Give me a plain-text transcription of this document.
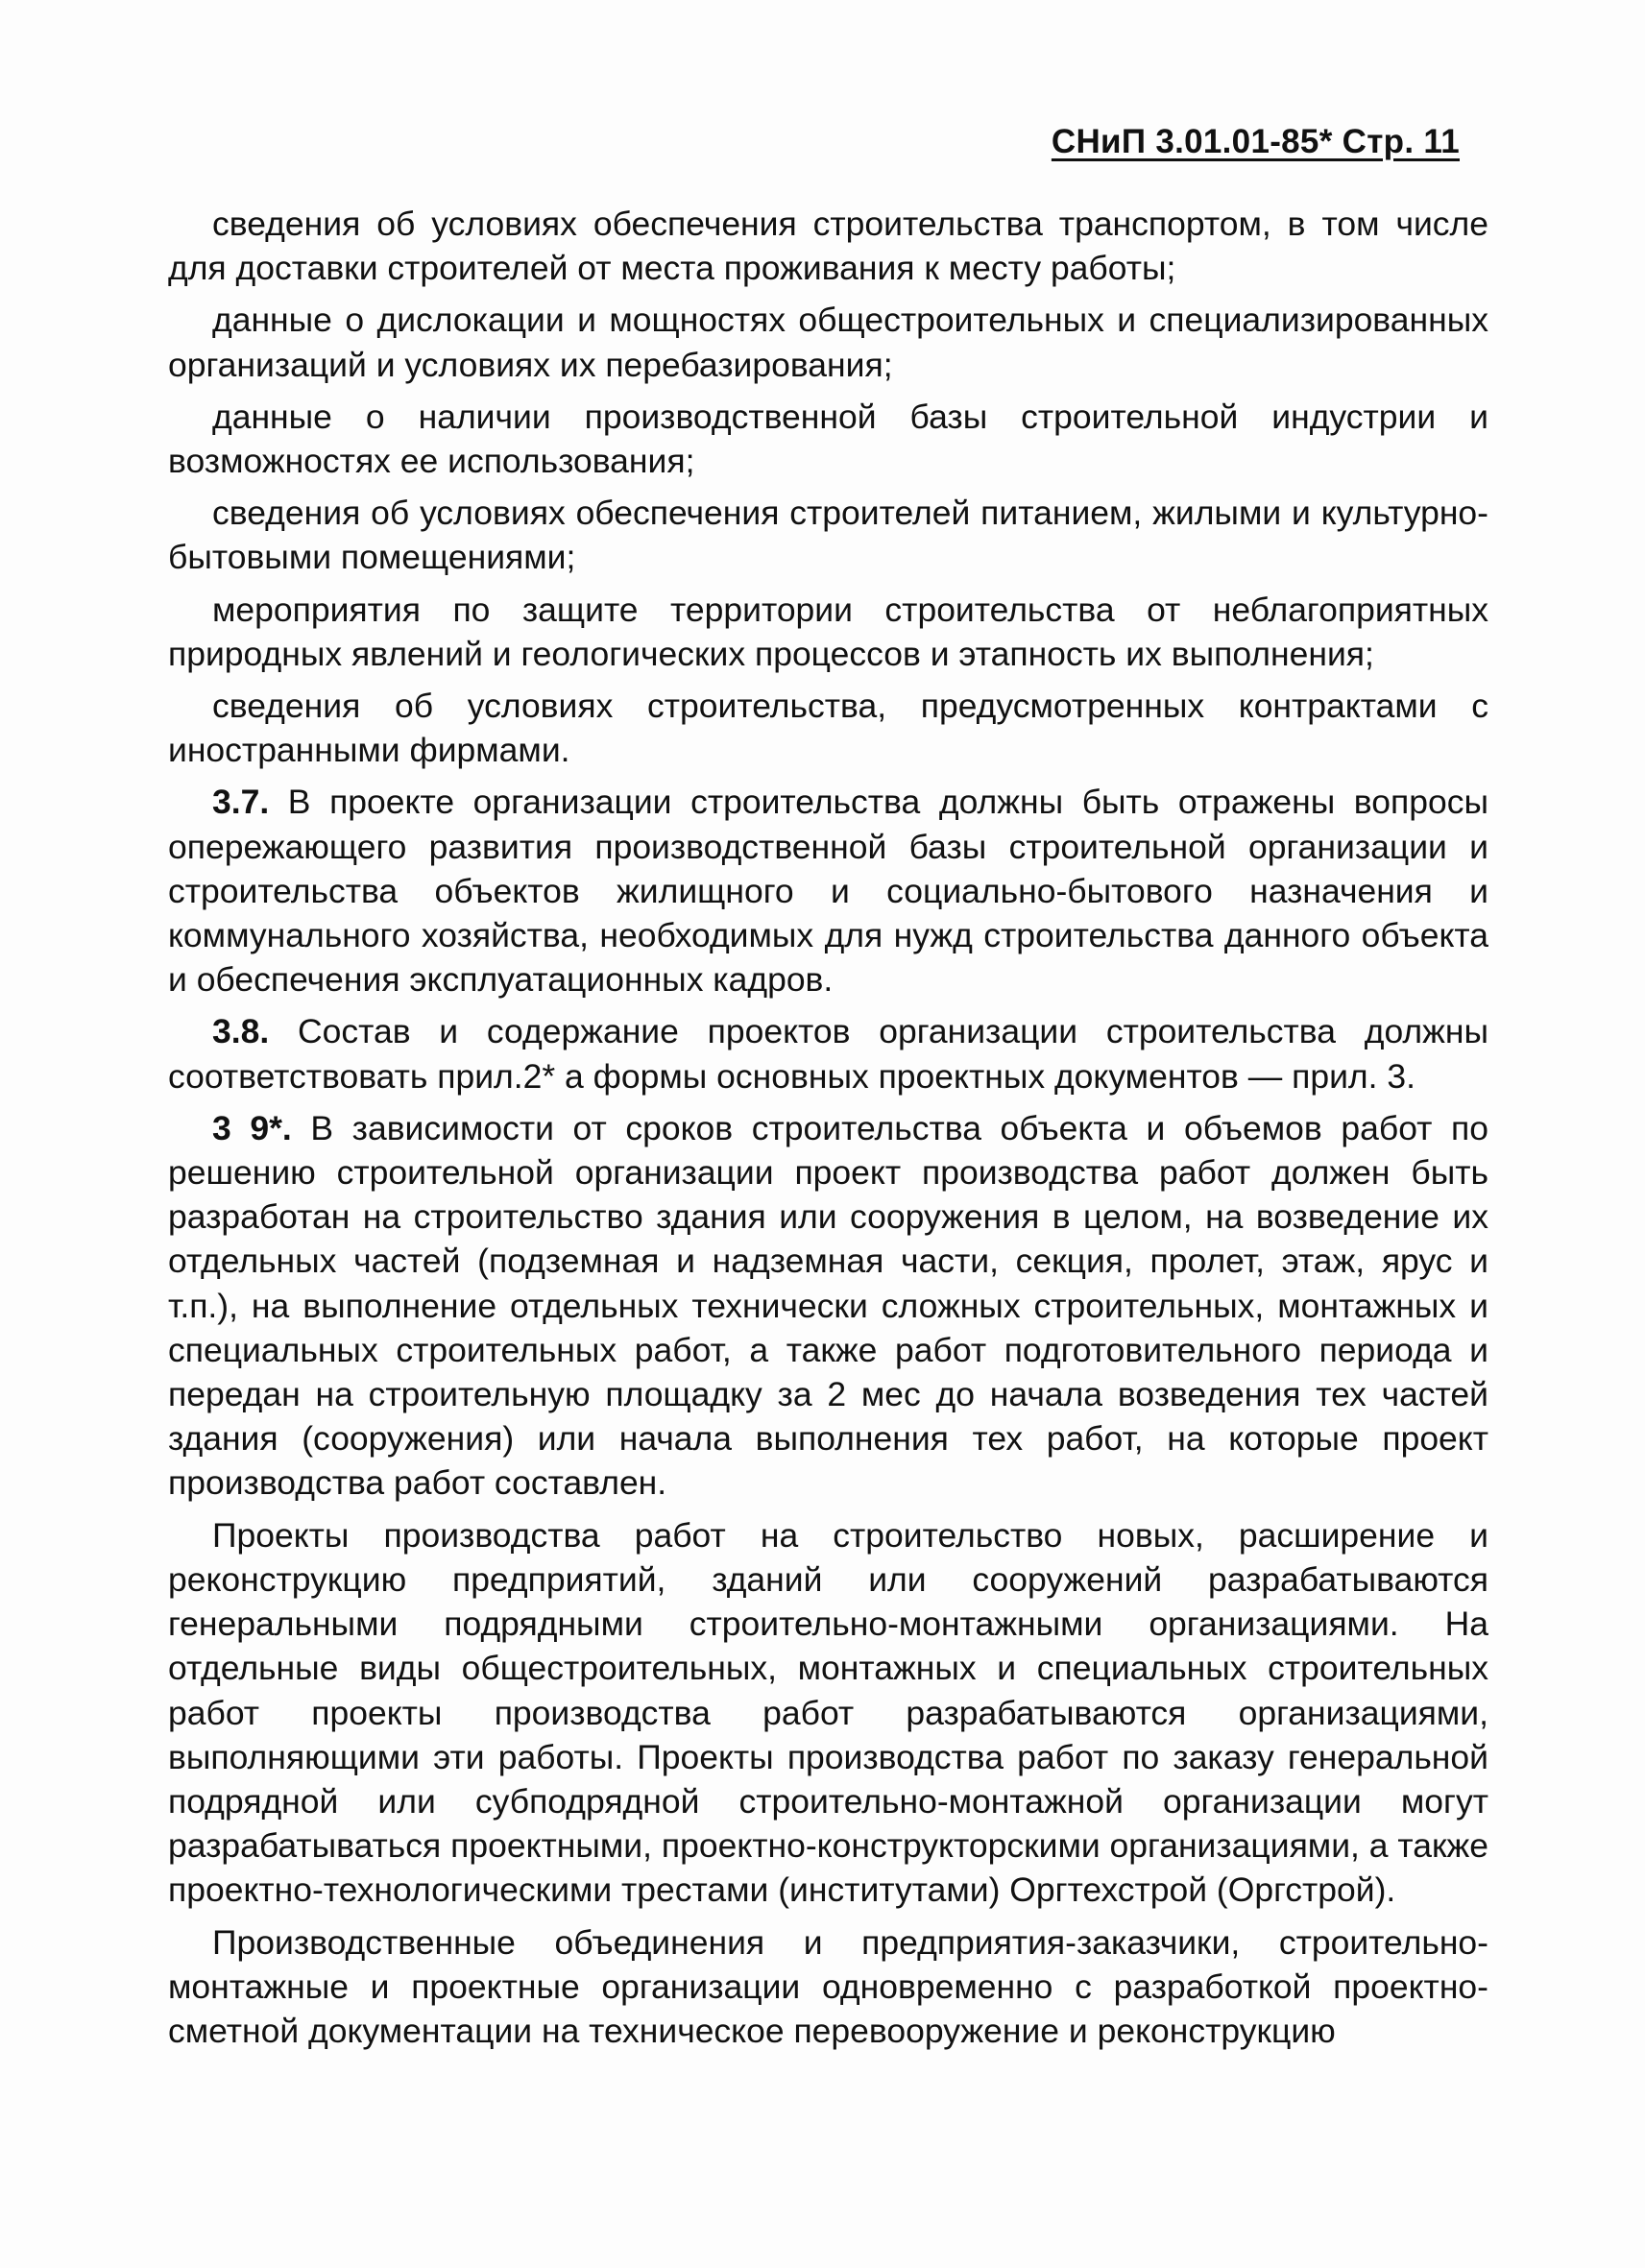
СНиП 3.01.01-85* Стр. 11

сведения об условиях обеспечения строительства транспортом, в том числе для доставки строителей от места проживания к месту работы;

данные о дислокации и мощностях общестроительных и специализированных организаций и условиях их перебазирования;

данные о наличии производственной базы строительной индустрии и возможностях ее использования;

сведения об условиях обеспечения строителей питанием, жилыми и культурно-бытовыми помещениями;

мероприятия по защите территории строительства от неблагоприятных природных явлений и геологических процессов и этапность их выполнения;

сведения об условиях строительства, предусмотренных контрактами с иностранными фирмами.

3.7. В проекте организации строительства должны быть отражены вопросы опережающего развития производственной базы строительной организации и строительства объектов жилищного и социально-бытового назначения и коммунального хозяйства, необходимых для нужд строительства данного объекта и обеспечения эксплуатационных кадров.

3.8. Состав и содержание проектов организации строительства должны соответствовать прил.2* а формы основных проектных документов — прил. 3.

3 9*. В зависимости от сроков строительства объекта и объемов работ по решению строительной организации проект производства работ должен быть разработан на строительство здания или сооружения в целом, на возведение их отдельных частей (подземная и надземная части, секция, пролет, этаж, ярус и т.п.), на выполнение отдельных технически сложных строительных, монтажных и специальных строительных работ, а также работ подготовительного периода и передан на строительную площадку за 2 мес до начала возведения тех частей здания (сооружения) или начала выполнения тех работ, на которые проект производства работ составлен.

Проекты производства работ на строительство новых, расширение и реконструкцию предприятий, зданий или сооружений разрабатываются генеральными подрядными строительно-монтажными организациями. На отдельные виды общестроительных, монтажных и специальных строительных работ проекты производства работ разрабатываются организациями, выполняющими эти работы. Проекты производства работ по заказу генеральной подрядной или субподрядной строительно-монтажной организации могут разрабатываться проектными, проектно-конструкторскими организациями, а также проектно-технологическими трестами (институтами) Оргтехстрой (Оргстрой).

Производственные объединения и предприятия-заказчики, строительно-монтажные и проектные организации одновременно с разработкой проектно-сметной документации на техническое перевооружение и реконструкцию
